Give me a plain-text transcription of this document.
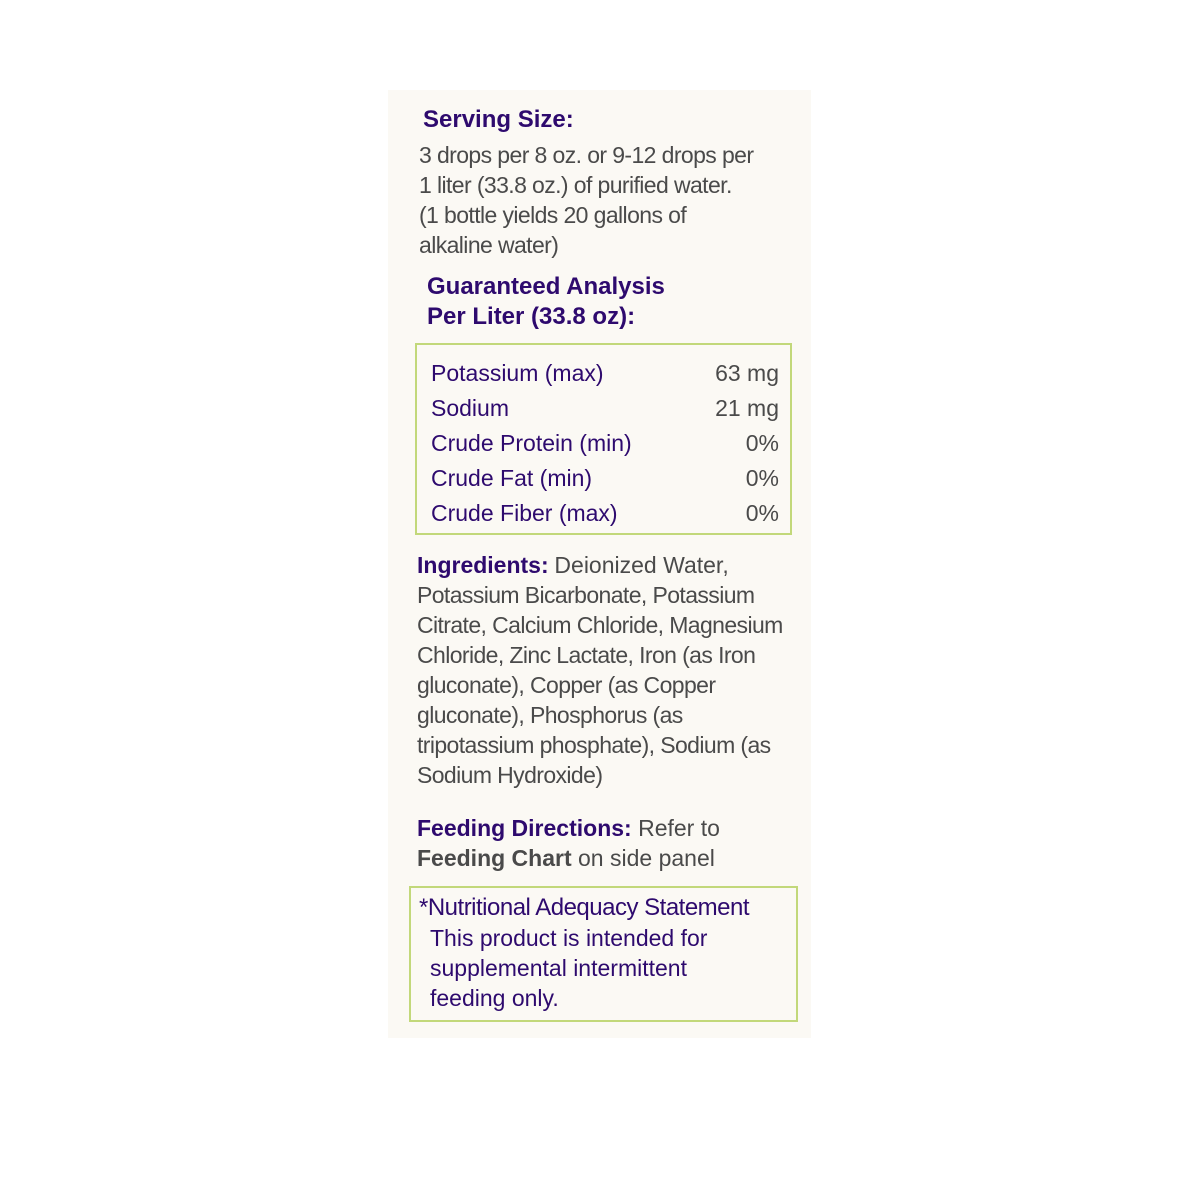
Serving Size:
3 drops per 8 oz. or 9-12 drops per
1 liter (33.8 oz.) of purified water.
(1 bottle yields 20 gallons of
alkaline water)
Guaranteed Analysis
Per Liter (33.8 oz):
Potassium (max)	63 mg
Sodium	21 mg
Crude Protein (min)	0%
Crude Fat (min)	0%
Crude Fiber (max)	0%
Ingredients: Deionized Water,
Potassium Bicarbonate, Potassium
Citrate, Calcium Chloride, Magnesium
Chloride, Zinc Lactate, Iron (as Iron
gluconate), Copper (as Copper
gluconate), Phosphorus (as
tripotassium phosphate), Sodium (as
Sodium Hydroxide)
Feeding Directions: Refer to
Feeding Chart on side panel
*Nutritional Adequacy Statement
This product is intended for
supplemental intermittent
feeding only.
